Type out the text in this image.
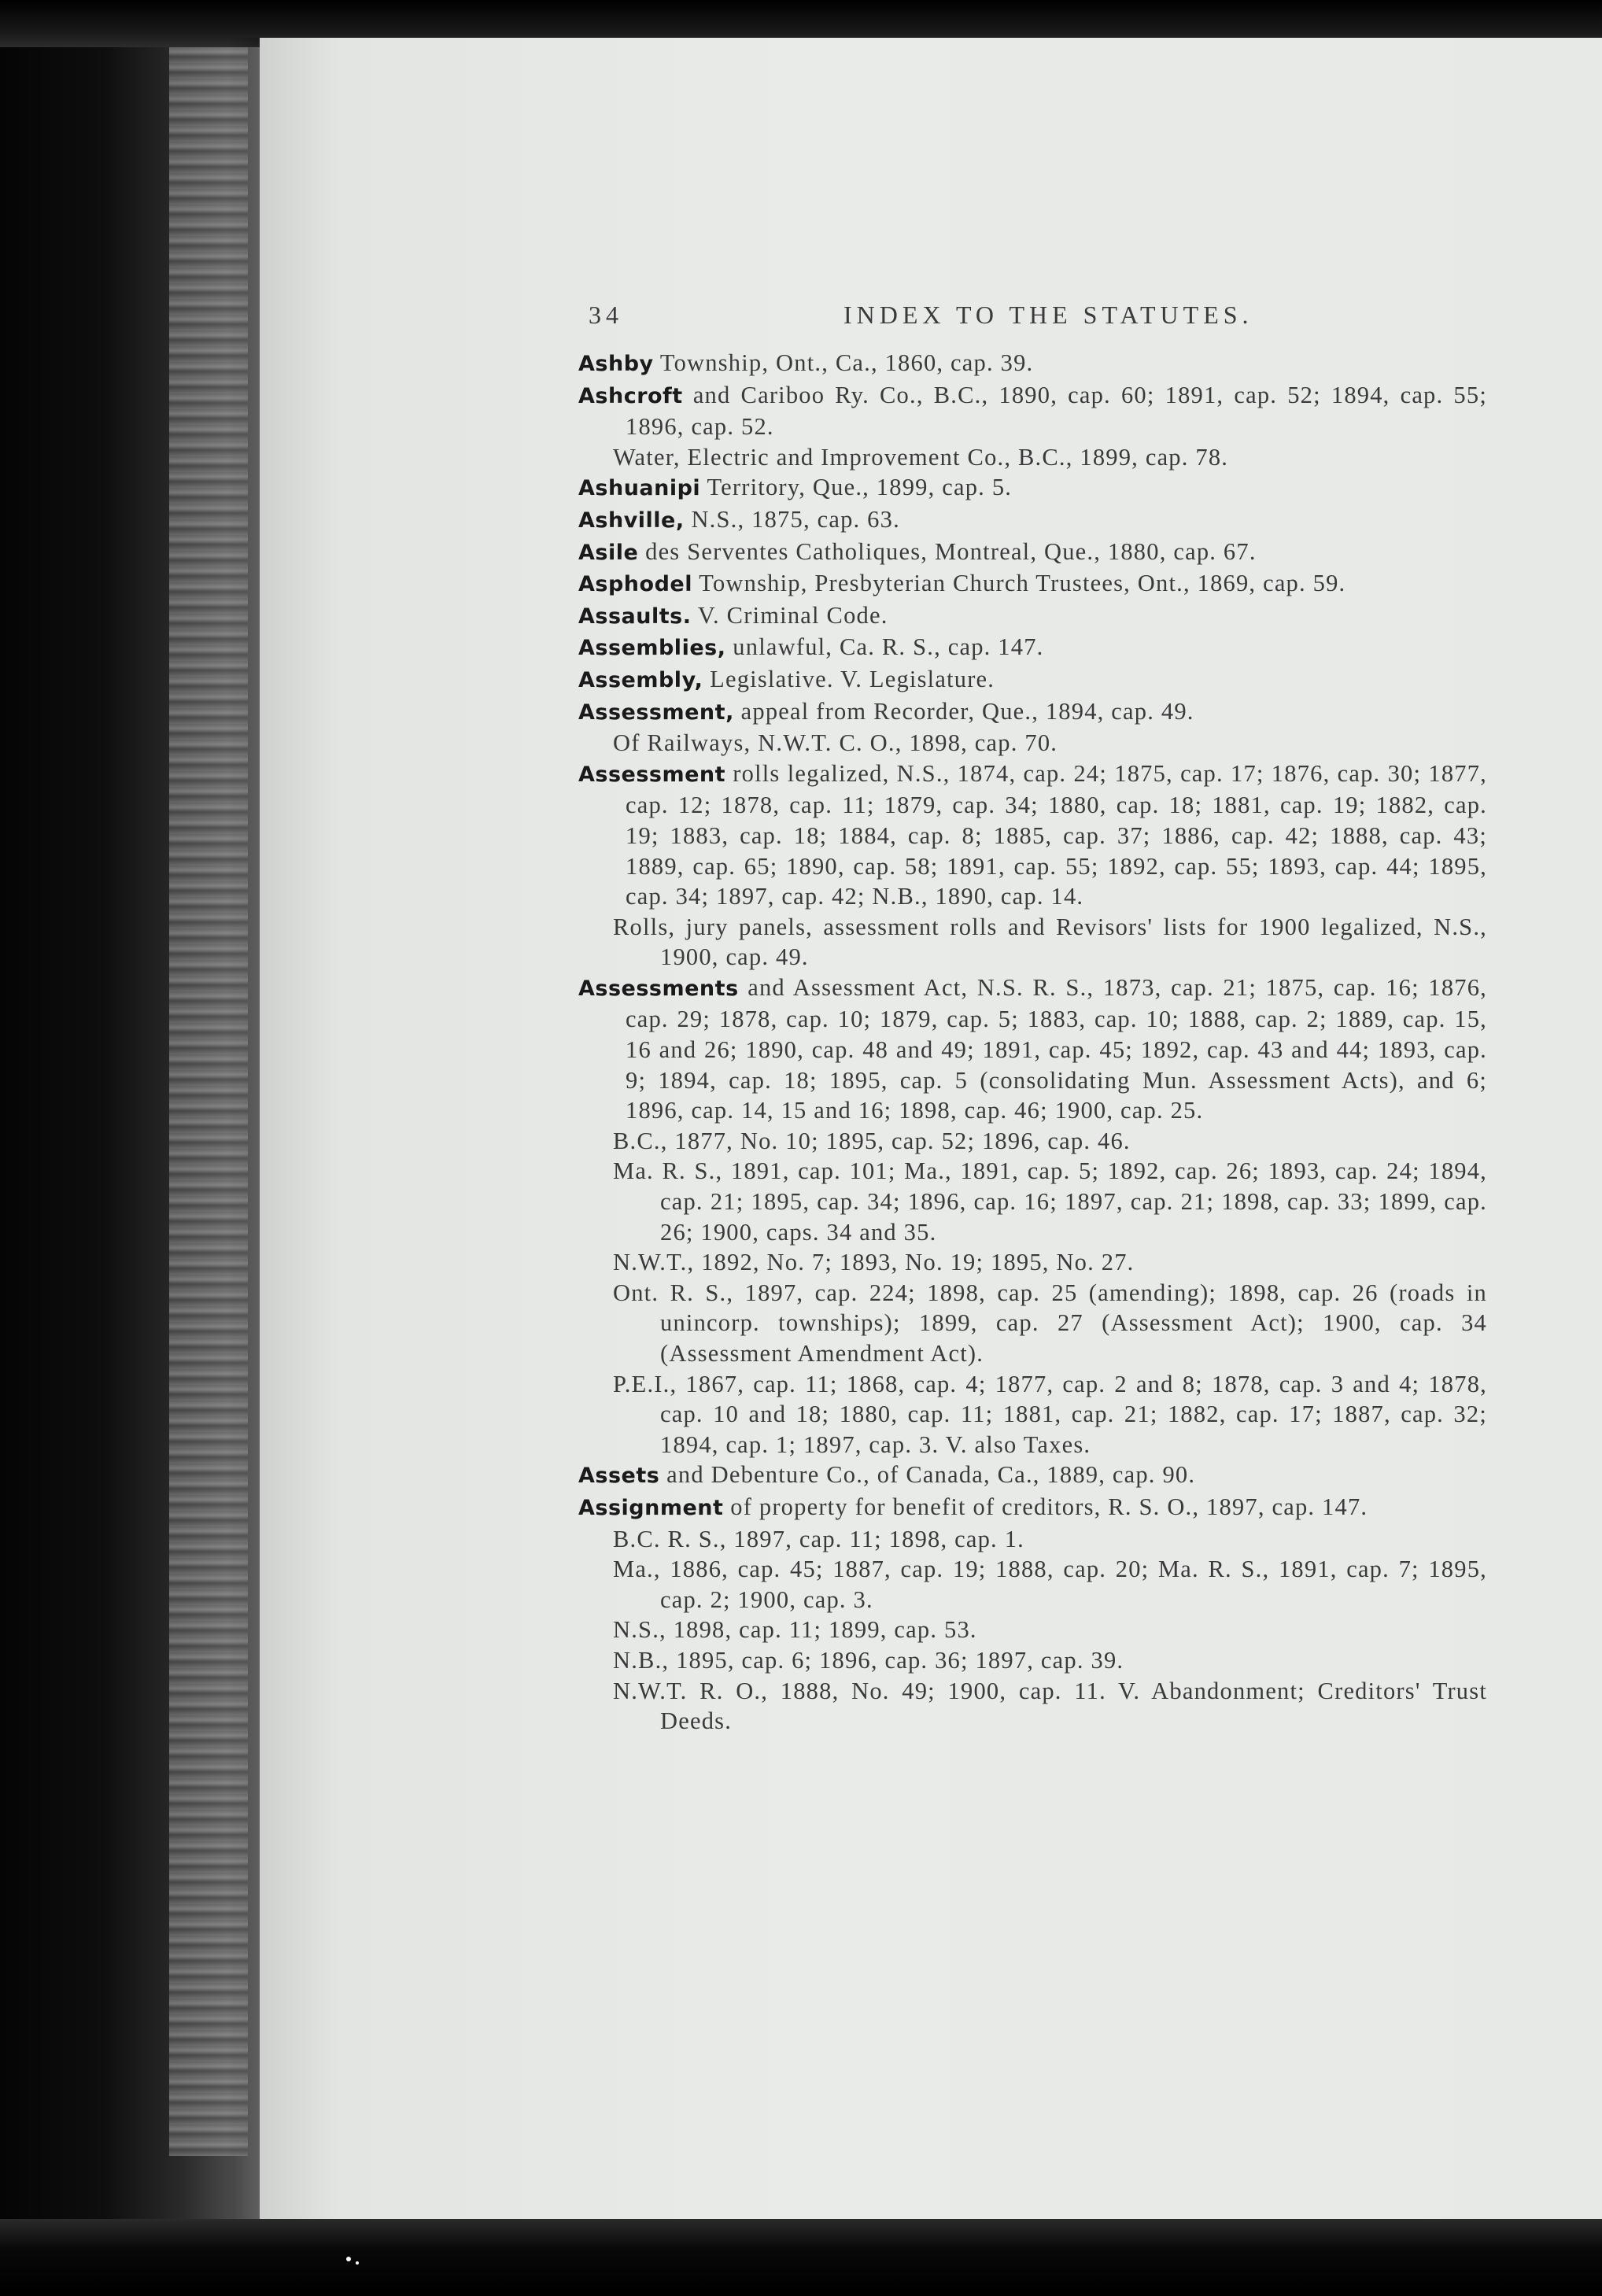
34	INDEX TO THE STATUTES.

Ashby Township, Ont., Ca., 1860, cap. 39.

Ashcroft and Cariboo Ry. Co., B.C., 1890, cap. 60; 1891, cap. 52; 1894, cap. 55; 1896, cap. 52.

Water, Electric and Improvement Co., B.C., 1899, cap. 78.

Ashuanipi Territory, Que., 1899, cap. 5.

Ashville, N.S., 1875, cap. 63.

Asile des Serventes Catholiques, Montreal, Que., 1880, cap. 67.

Asphodel Township, Presbyterian Church Trustees, Ont., 1869, cap. 59.

Assaults. V. Criminal Code.

Assemblies, unlawful, Ca. R. S., cap. 147.

Assembly, Legislative. V. Legislature.

Assessment, appeal from Recorder, Que., 1894, cap. 49.

Of Railways, N.W.T. C. O., 1898, cap. 70.

Assessment rolls legalized, N.S., 1874, cap. 24; 1875, cap. 17; 1876, cap. 30; 1877, cap. 12; 1878, cap. 11; 1879, cap. 34; 1880, cap. 18; 1881, cap. 19; 1882, cap. 19; 1883, cap. 18; 1884, cap. 8; 1885, cap. 37; 1886, cap. 42; 1888, cap. 43; 1889, cap. 65; 1890, cap. 58; 1891, cap. 55; 1892, cap. 55; 1893, cap. 44; 1895, cap. 34; 1897, cap. 42; N.B., 1890, cap. 14.

Rolls, jury panels, assessment rolls and Revisors' lists for 1900 legalized, N.S., 1900, cap. 49.

Assessments and Assessment Act, N.S. R. S., 1873, cap. 21; 1875, cap. 16; 1876, cap. 29; 1878, cap. 10; 1879, cap. 5; 1883, cap. 10; 1888, cap. 2; 1889, cap. 15, 16 and 26; 1890, cap. 48 and 49; 1891, cap. 45; 1892, cap. 43 and 44; 1893, cap. 9; 1894, cap. 18; 1895, cap. 5 (consolidating Mun. Assessment Acts), and 6; 1896, cap. 14, 15 and 16; 1898, cap. 46; 1900, cap. 25.

B.C., 1877, No. 10; 1895, cap. 52; 1896, cap. 46.

Ma. R. S., 1891, cap. 101; Ma., 1891, cap. 5; 1892, cap. 26; 1893, cap. 24; 1894, cap. 21; 1895, cap. 34; 1896, cap. 16; 1897, cap. 21; 1898, cap. 33; 1899, cap. 26; 1900, caps. 34 and 35.

N.W.T., 1892, No. 7; 1893, No. 19; 1895, No. 27.

Ont. R. S., 1897, cap. 224; 1898, cap. 25 (amending); 1898, cap. 26 (roads in unincorp. townships); 1899, cap. 27 (Assessment Act); 1900, cap. 34 (Assessment Amendment Act).

P.E.I., 1867, cap. 11; 1868, cap. 4; 1877, cap. 2 and 8; 1878, cap. 3 and 4; 1878, cap. 10 and 18; 1880, cap. 11; 1881, cap. 21; 1882, cap. 17; 1887, cap. 32; 1894, cap. 1; 1897, cap. 3. V. also Taxes.

Assets and Debenture Co., of Canada, Ca., 1889, cap. 90.

Assignment of property for benefit of creditors, R. S. O., 1897, cap. 147.

B.C. R. S., 1897, cap. 11; 1898, cap. 1.

Ma., 1886, cap. 45; 1887, cap. 19; 1888, cap. 20; Ma. R. S., 1891, cap. 7; 1895, cap. 2; 1900, cap. 3.

N.S., 1898, cap. 11; 1899, cap. 53.

N.B., 1895, cap. 6; 1896, cap. 36; 1897, cap. 39.

N.W.T. R. O., 1888, No. 49; 1900, cap. 11. V. Abandonment; Creditors' Trust Deeds.
